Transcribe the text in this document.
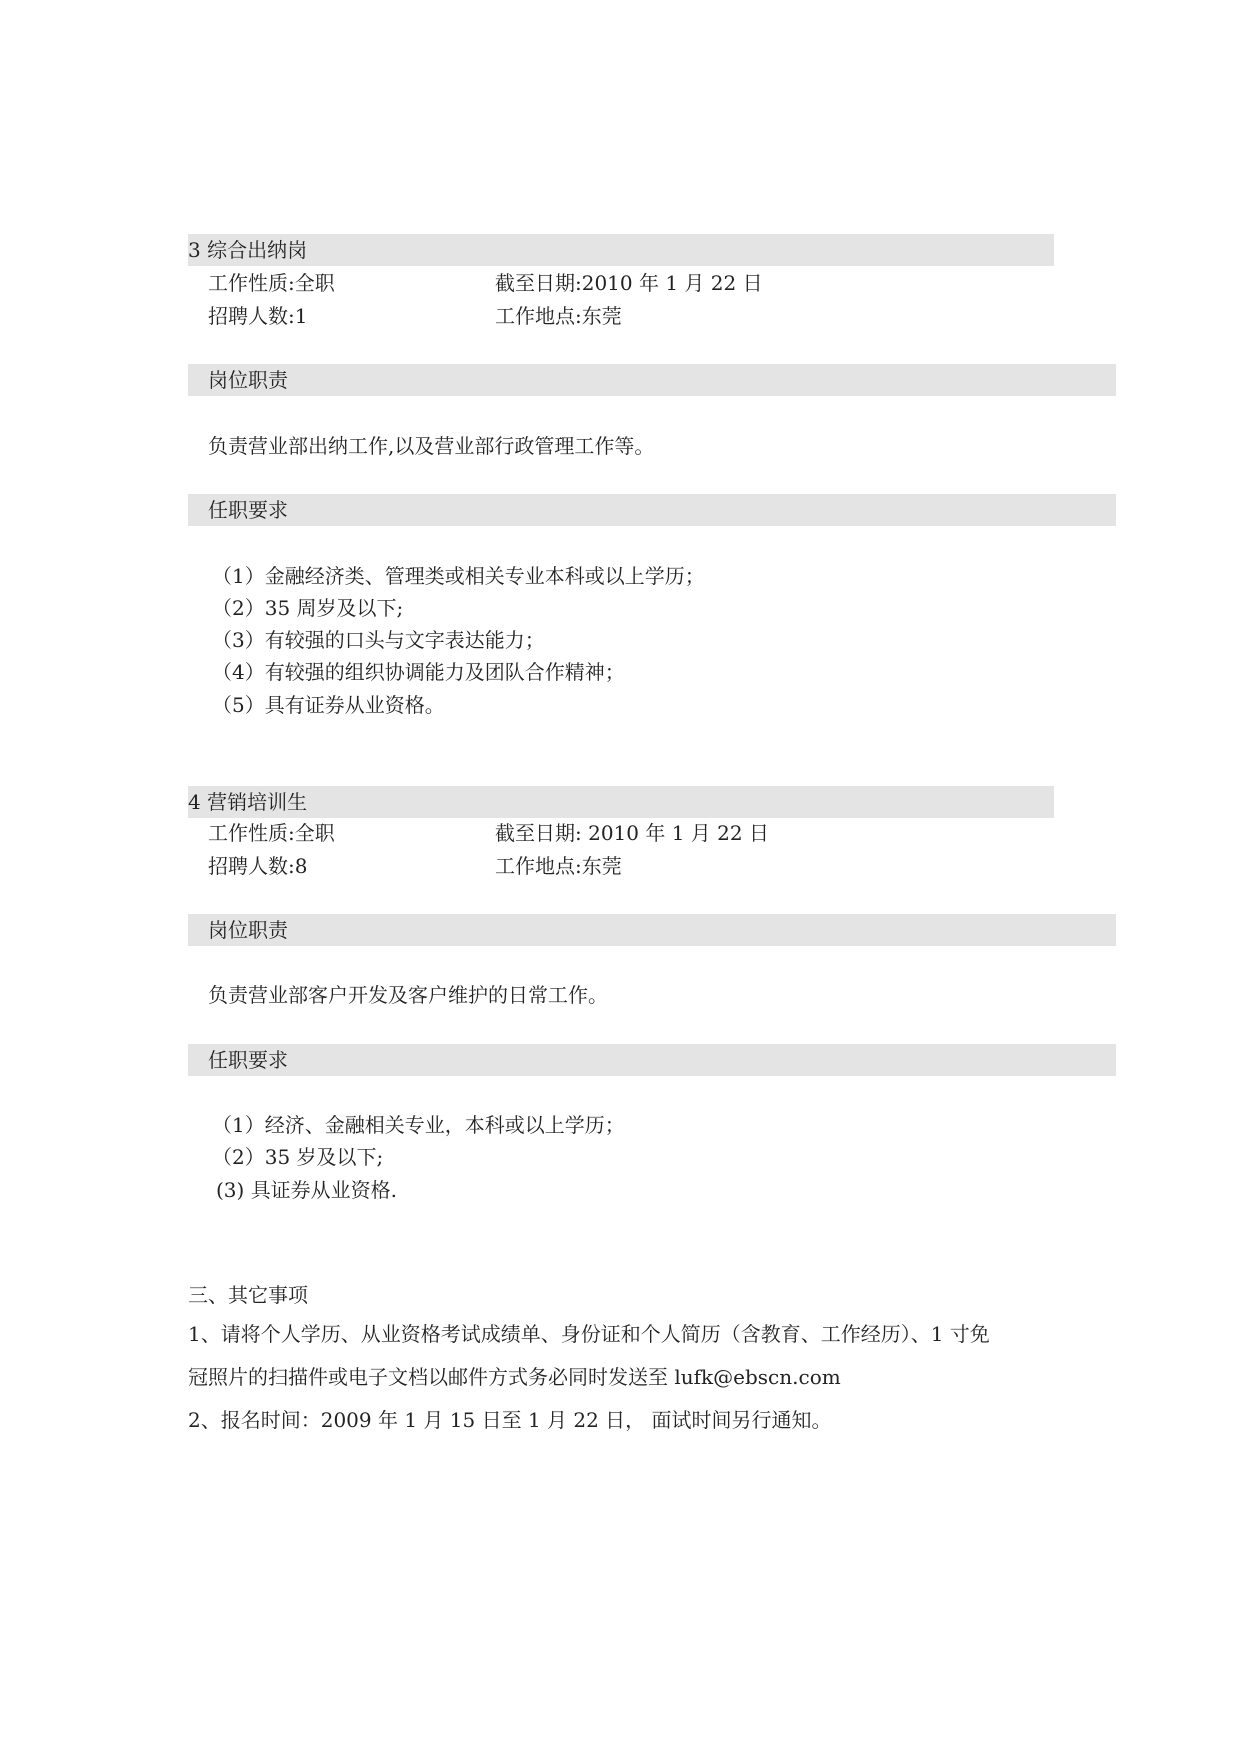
3 综合出纳岗
工作性质:全职	截至日期:2010 年 1 月 22 日
招聘人数:1	工作地点:东莞
岗位职责
负责营业部出纳工作,以及营业部行政管理工作等。
任职要求
（1）金融经济类、管理类或相关专业本科或以上学历；
（2）35 周岁及以下;
（3）有较强的口头与文字表达能力；
（4）有较强的组织协调能力及团队合作精神；
（5）具有证券从业资格。
4 营销培训生
工作性质:全职	截至日期: 2010 年 1 月 22 日
招聘人数:8	工作地点:东莞
岗位职责
负责营业部客户开发及客户维护的日常工作。
任职要求
（1）经济、金融相关专业，本科或以上学历；
（2）35 岁及以下;
(3) 具证券从业资格.
三、其它事项
1、请将个人学历、从业资格考试成绩单、身份证和个人简历（含教育、工作经历）、1 寸免
冠照片的扫描件或电子文档以邮件方式务必同时发送至 lufk@ebscn.com
2、报名时间：2009 年 1 月 15 日至 1 月 22 日， 面试时间另行通知。
